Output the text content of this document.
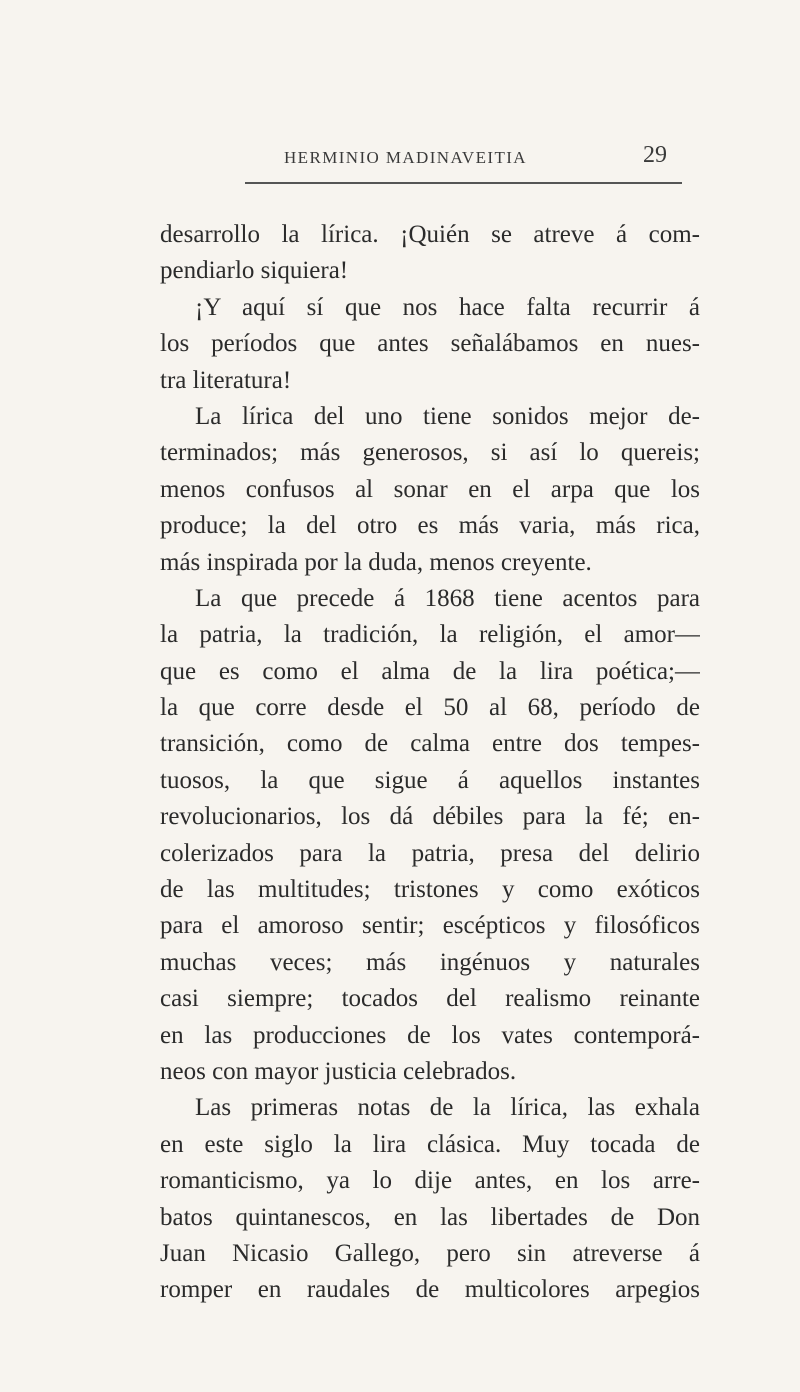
HERMINIO MADINAVEITIA	29
desarrollo la lírica. ¡Quién se atreve á com-
pendiarlo siquiera!
¡Y aquí sí que nos hace falta recurrir á
los períodos que antes señalábamos en nues-
tra literatura!
La lírica del uno tiene sonidos mejor de-
terminados; más generosos, si así lo quereis;
menos confusos al sonar en el arpa que los
produce; la del otro es más varia, más rica,
más inspirada por la duda, menos creyente.
La que precede á 1868 tiene acentos para
la patria, la tradición, la religión, el amor—
que es como el alma de la lira poética;—
la que corre desde el 50 al 68, período de
transición, como de calma entre dos tempes-
tuosos, la que sigue á aquellos instantes
revolucionarios, los dá débiles para la fé; en-
colerizados para la patria, presa del delirio
de las multitudes; tristones y como exóticos
para el amoroso sentir; escépticos y filosóficos
muchas veces; más ingénuos y naturales
casi siempre; tocados del realismo reinante
en las producciones de los vates contemporá-
neos con mayor justicia celebrados.
Las primeras notas de la lírica, las exhala
en este siglo la lira clásica. Muy tocada de
romanticismo, ya lo dije antes, en los arre-
batos quintanescos, en las libertades de Don
Juan Nicasio Gallego, pero sin atreverse á
romper en raudales de multicolores arpegios
